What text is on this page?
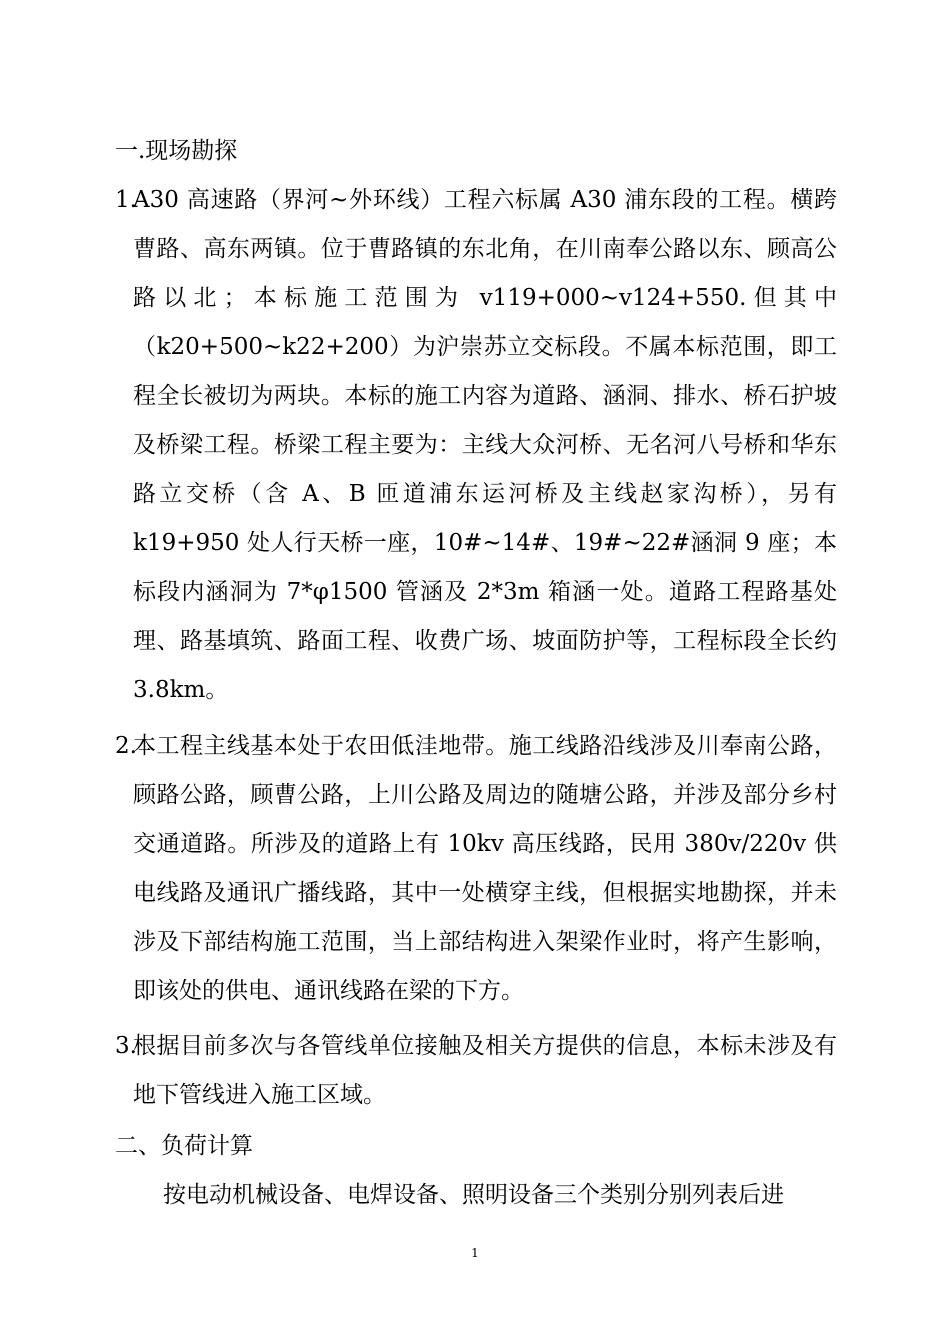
一.现场勘探
1.
A30 高速路（界河~外环线）工程六标属 A30 浦东段的工程。横跨曹路、高东两镇。位于曹路镇的东北角，在川南奉公路以东、顾高公路以北；本标施工范围为 v119+000~v124+550.但其中（k20+500~k22+200）为沪崇苏立交标段。不属本标范围，即工程全长被切为两块。本标的施工内容为道路、涵洞、排水、桥石护坡及桥梁工程。桥梁工程主要为：主线大众河桥、无名河八号桥和华东路立交桥（含 A、B 匝道浦东运河桥及主线赵家沟桥），另有k19+950 处人行天桥一座，10#~14#、19#~22#涵洞 9 座；本标段内涵洞为 7*φ1500 管涵及 2*3m 箱涵一处。道路工程路基处理、路基填筑、路面工程、收费广场、坡面防护等，工程标段全长约3.8km。
2.
本工程主线基本处于农田低洼地带。施工线路沿线涉及川奉南公路，顾路公路，顾曹公路，上川公路及周边的随塘公路，并涉及部分乡村交通道路。所涉及的道路上有 10kv 高压线路，民用 380v/220v 供电线路及通讯广播线路，其中一处横穿主线，但根据实地勘探，并未涉及下部结构施工范围，当上部结构进入架梁作业时，将产生影响，即该处的供电、通讯线路在梁的下方。
3.
根据目前多次与各管线单位接触及相关方提供的信息，本标未涉及有地下管线进入施工区域。
二、负荷计算
按电动机械设备、电焊设备、照明设备三个类别分别列表后进
1
